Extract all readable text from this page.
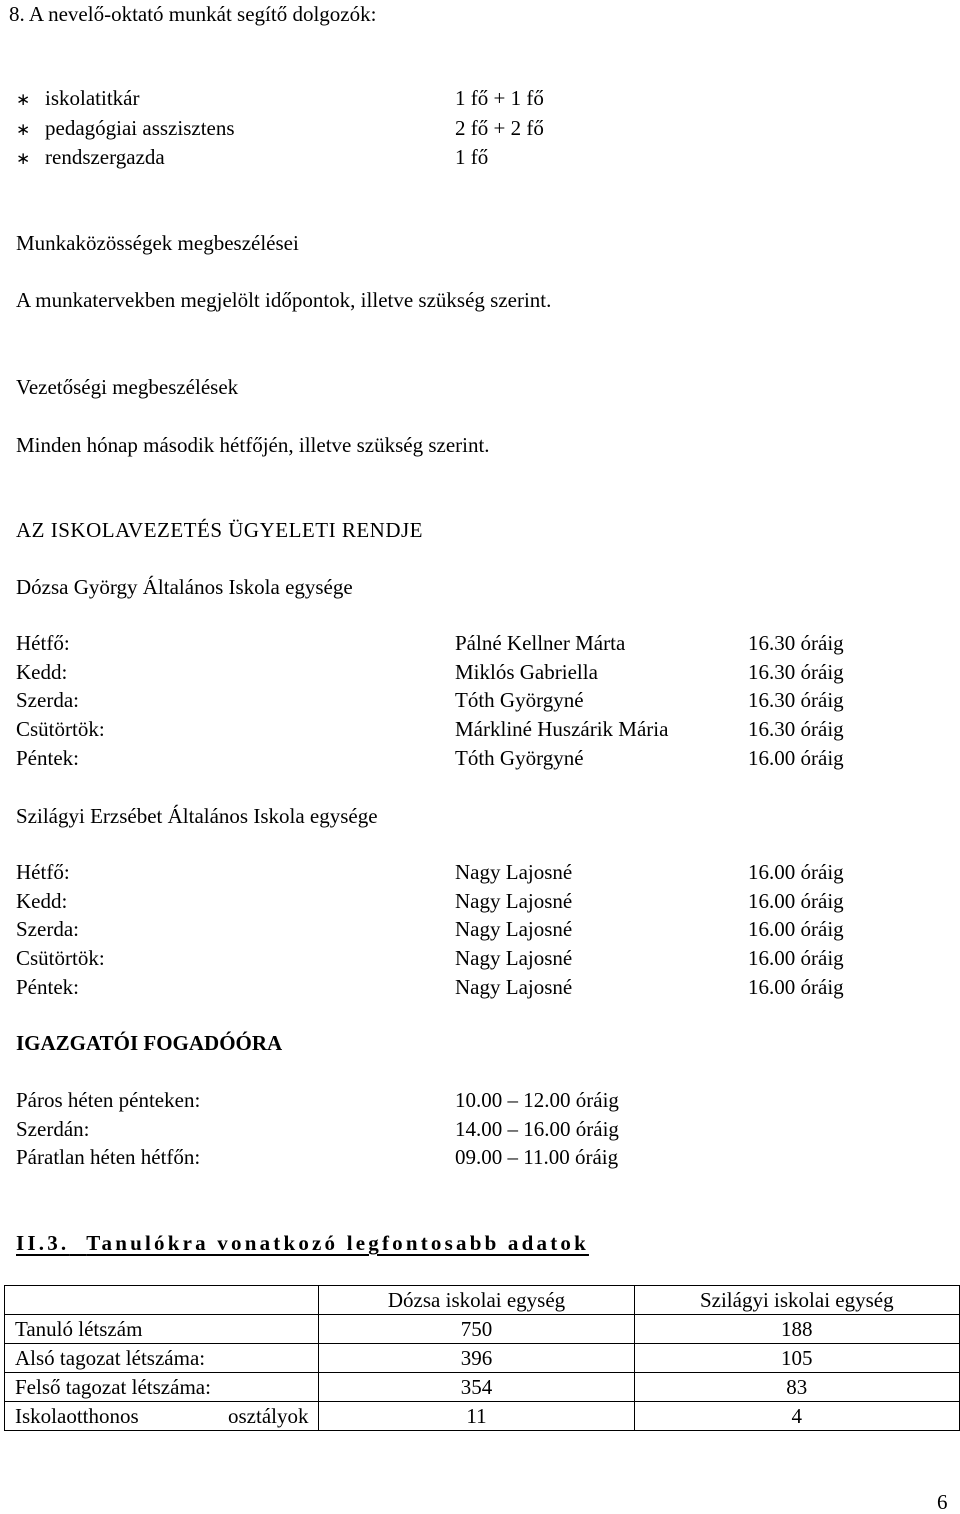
8. A nevelő-oktató munkát segítő dolgozók:
∗ iskolatitkár	1 fő + 1 fő
∗ pedagógiai asszisztens	2 fő + 2 fő
∗ rendszergazda	1 fő
Munkaközösségek megbeszélései
A munkatervekben megjelölt időpontok, illetve szükség szerint.
Vezetőségi megbeszélések
Minden hónap második hétfőjén, illetve szükség szerint.
AZ ISKOLAVEZETÉS ÜGYELETI RENDJE
Dózsa György Általános Iskola egysége
Hétfő:	Pálné Kellner Márta	16.30 óráig
Kedd:	Miklós Gabriella	16.30 óráig
Szerda:	Tóth Györgyné	16.30 óráig
Csütörtök:	Márkliné Huszárik Mária	16.30 óráig
Péntek:	Tóth Györgyné	16.00 óráig
Szilágyi Erzsébet Általános Iskola egysége
Hétfő:	Nagy Lajosné	16.00 óráig
Kedd:	Nagy Lajosné	16.00 óráig
Szerda:	Nagy Lajosné	16.00 óráig
Csütörtök:	Nagy Lajosné	16.00 óráig
Péntek:	Nagy Lajosné	16.00 óráig
IGAZGATÓI FOGADÓÓRA
Páros héten pénteken:	10.00 – 12.00 óráig
Szerdán:	14.00 – 16.00 óráig
Páratlan héten hétfőn:	09.00 – 11.00 óráig
II.3. Tanulókra vonatkozó legfontosabb adatok
	Dózsa iskolai egység	Szilágyi iskolai egység
Tanuló létszám	750	188
Alsó tagozat létszáma:	396	105
Felső tagozat létszáma:	354	83

Iskolaotthonos osztályok	11	4
6
